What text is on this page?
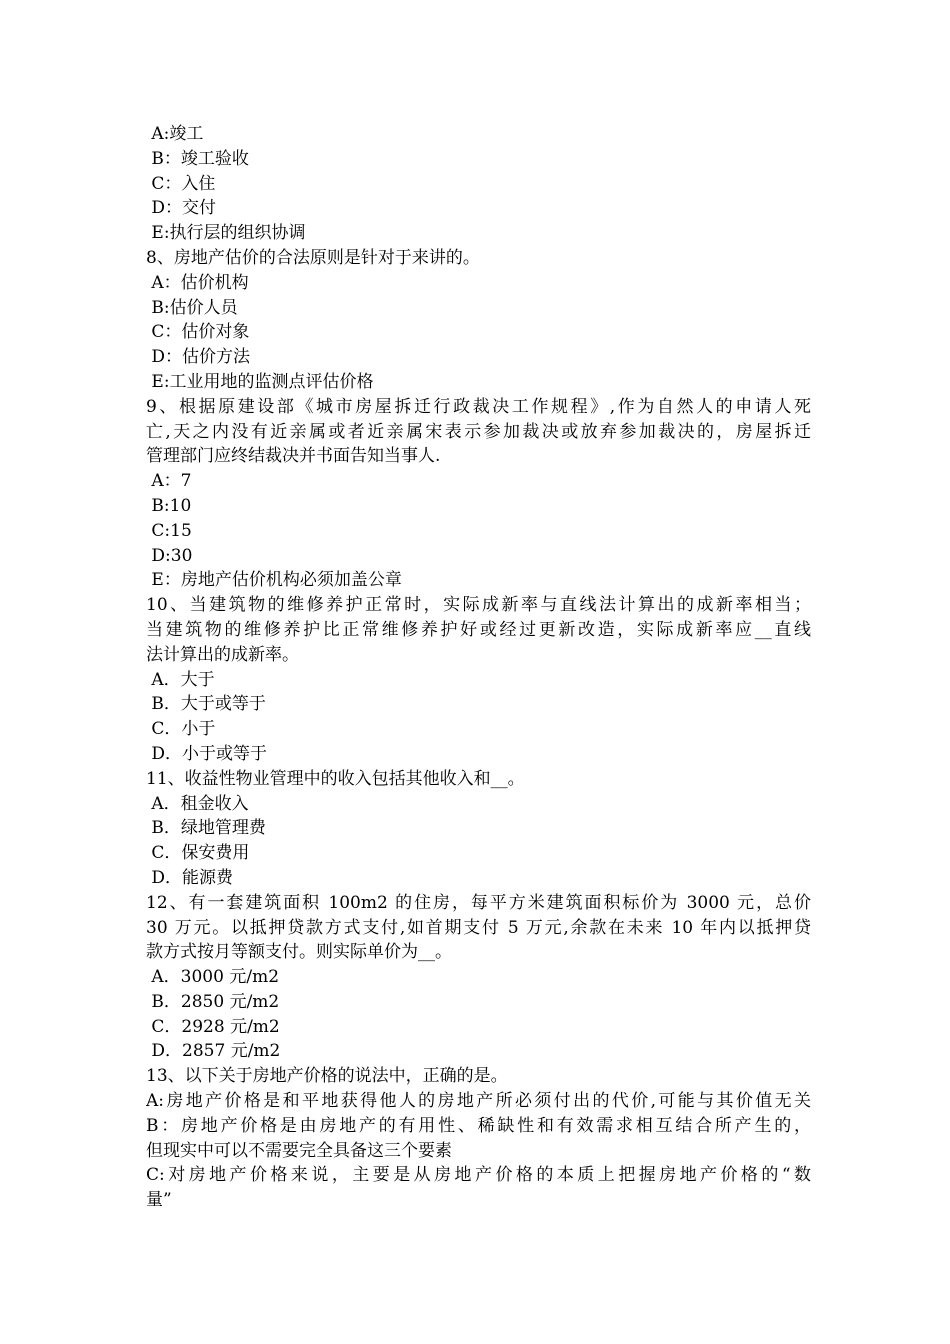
A:竣工
B：竣工验收
C：入住
D：交付
E:执行层的组织协调
8、房地产估价的合法原则是针对于来讲的。
A：估价机构
B:估价人员
C：估价对象
D：估价方法
E:工业用地的监测点评估价格
9、根据原建设部《城市房屋拆迁行政裁决工作规程》,作为自然人的申请人死
亡,天之内没有近亲属或者近亲属宋表示参加裁决或放弃参加裁决的，房屋拆迁
管理部门应终结裁决并书面告知当事人.
A：7
B:10
C:15
D:30
E：房地产估价机构必须加盖公章
10、当建筑物的维修养护正常时，实际成新率与直线法计算出的成新率相当；
当建筑物的维修养护比正常维修养护好或经过更新改造，实际成新率应__直线
法计算出的成新率。
A．大于
B．大于或等于
C．小于
D．小于或等于
11、收益性物业管理中的收入包括其他收入和__。
A．租金收入
B．绿地管理费
C．保安费用
D．能源费
12、有一套建筑面积 100m2 的住房，每平方米建筑面积标价为 3000 元，总价
30 万元。以抵押贷款方式支付,如首期支付 5 万元,余款在未来 10 年内以抵押贷
款方式按月等额支付。则实际单价为__。
A．3000 元/m2
B．2850 元/m2
C．2928 元/m2
D．2857 元/m2
13、以下关于房地产价格的说法中，正确的是。
A:房地产价格是和平地获得他人的房地产所必须付出的代价,可能与其价值无关
B：房地产价格是由房地产的有用性、稀缺性和有效需求相互结合所产生的，
但现实中可以不需要完全具备这三个要素
C:对房地产价格来说，主要是从房地产价格的本质上把握房地产价格的“数
量”
